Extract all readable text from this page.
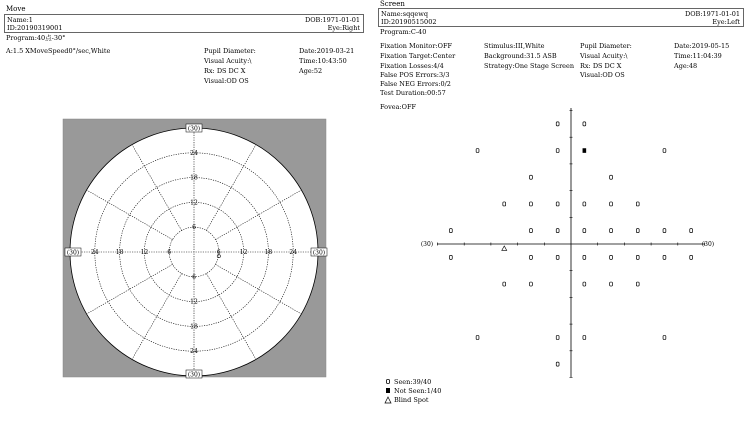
Move
Name:1	DOB:1971-01-01
ID:20190319001	Eye:Right
Program:40点-30°
A:1.5 XMoveSpeed0°/sec,White	Pupil Diameter:
Visual Acuity:\
Rx: DS DC X
Visual:OD OS
Date:2019-03-21
Time:10:43:50
Age:52
24
24
24	24
18
18
18	18
12
12
12	12
6
6
6	6
(30)
(30)
(30)	(30)
Screen
Name:sqqewq	DOB:1971-01-01
ID:20190515002	Eye:Left
Program:C-40
Fixation Monitor:OFF
Fixation Target:Center
Fixation Losses:4/4
False POS Errors:3/3
False NEG Errors:0/2
Test Duration:00:57
Stimulus:III,White
Background:31.5 ASB
Strategy:One Stage Screen
Pupil Diameter:
Visual Acuity:\
Rx: DS DC X
Visual:OD OS
Date:2019-05-15
Time:11:04:39
Age:48
Fovea:OFF
(30)	(30)
Seen:39/40
Not Seen:1/40
Blind Spot
